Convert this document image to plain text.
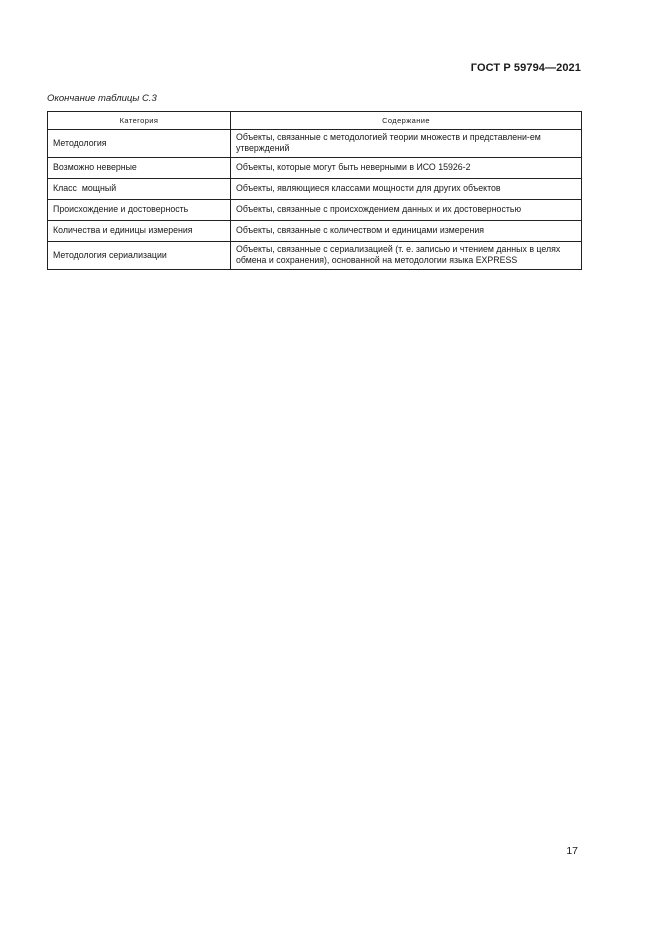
ГОСТ Р 59794—2021
Окончание таблицы С.3
Категория	Содержание
Методология	Объекты, связанные с методологией теории множеств и представлени-ем утверждений
Возможно неверные	Объекты, которые могут быть неверными в ИСО 15926-2
Класс  мощный	Объекты, являющиеся классами мощности для других объектов
Происхождение и достоверность	Объекты, связанные с происхождением данных и их достоверностью
Количества и единицы измерения	Объекты, связанные с количеством и единицами измерения
Методология сериализации	Объекты, связанные с сериализацией (т. е. записью и чтением данных в целях обмена и сохранения), основанной на методологии языка EXPRESS
17
